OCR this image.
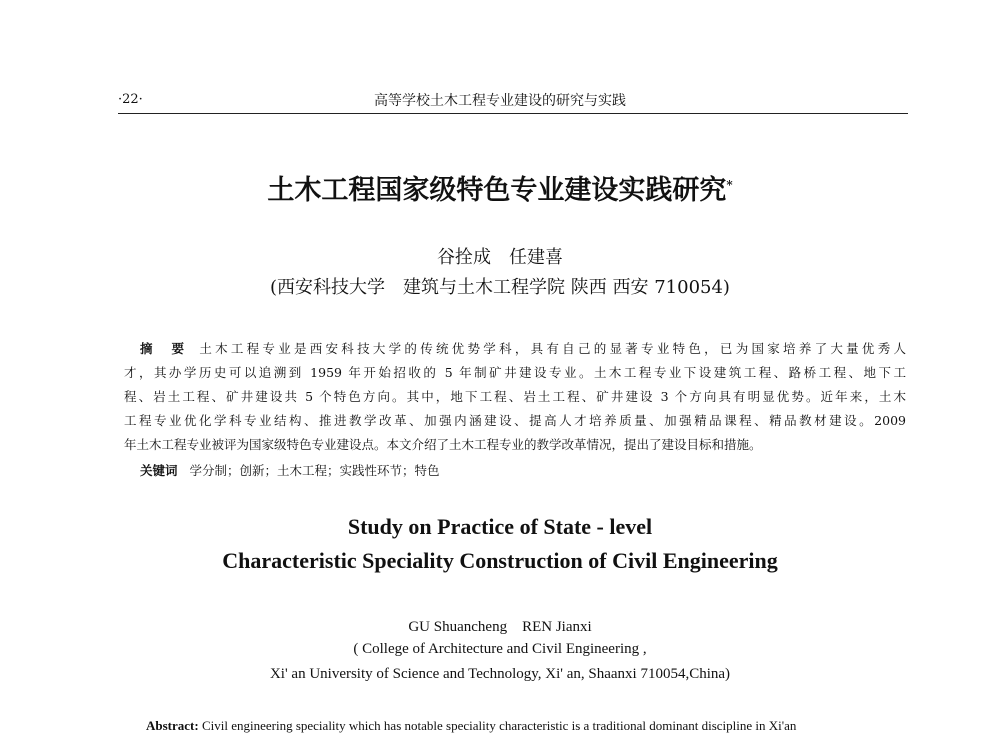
·22·	高等学校土木工程专业建设的研究与实践
土木工程国家级特色专业建设实践研究*
谷拴成　任建喜
(西安科技大学　建筑与土木工程学院 陕西 西安 710054)
摘　要 土木工程专业是西安科技大学的传统优势学科，具有自己的显著专业特色，已为国家培养了大量优秀人
才，其办学历史可以追溯到 1959 年开始招收的 5 年制矿井建设专业。土木工程专业下设建筑工程、路桥工程、地下工
程、岩土工程、矿井建设共 5 个特色方向。其中，地下工程、岩土工程、矿井建设 3 个方向具有明显优势。近年来，土木
工程专业优化学科专业结构、推进教学改革、加强内涵建设、提高人才培养质量、加强精品课程、精品教材建设。2009
年土木工程专业被评为国家级特色专业建设点。本文介绍了土木工程专业的教学改革情况，提出了建设目标和措施。
关键词 学分制；创新；土木工程；实践性环节；特色
Study on Practice of State - level
Characteristic Speciality Construction of Civil Engineering
GU Shuancheng　REN Jianxi
( College of Architecture and Civil Engineering ,
Xi' an University of Science and Technology, Xi' an, Shaanxi 710054,China)
Abstract: Civil engineering speciality which has notable speciality characteristic is a traditional dominant discipline in Xi'an
